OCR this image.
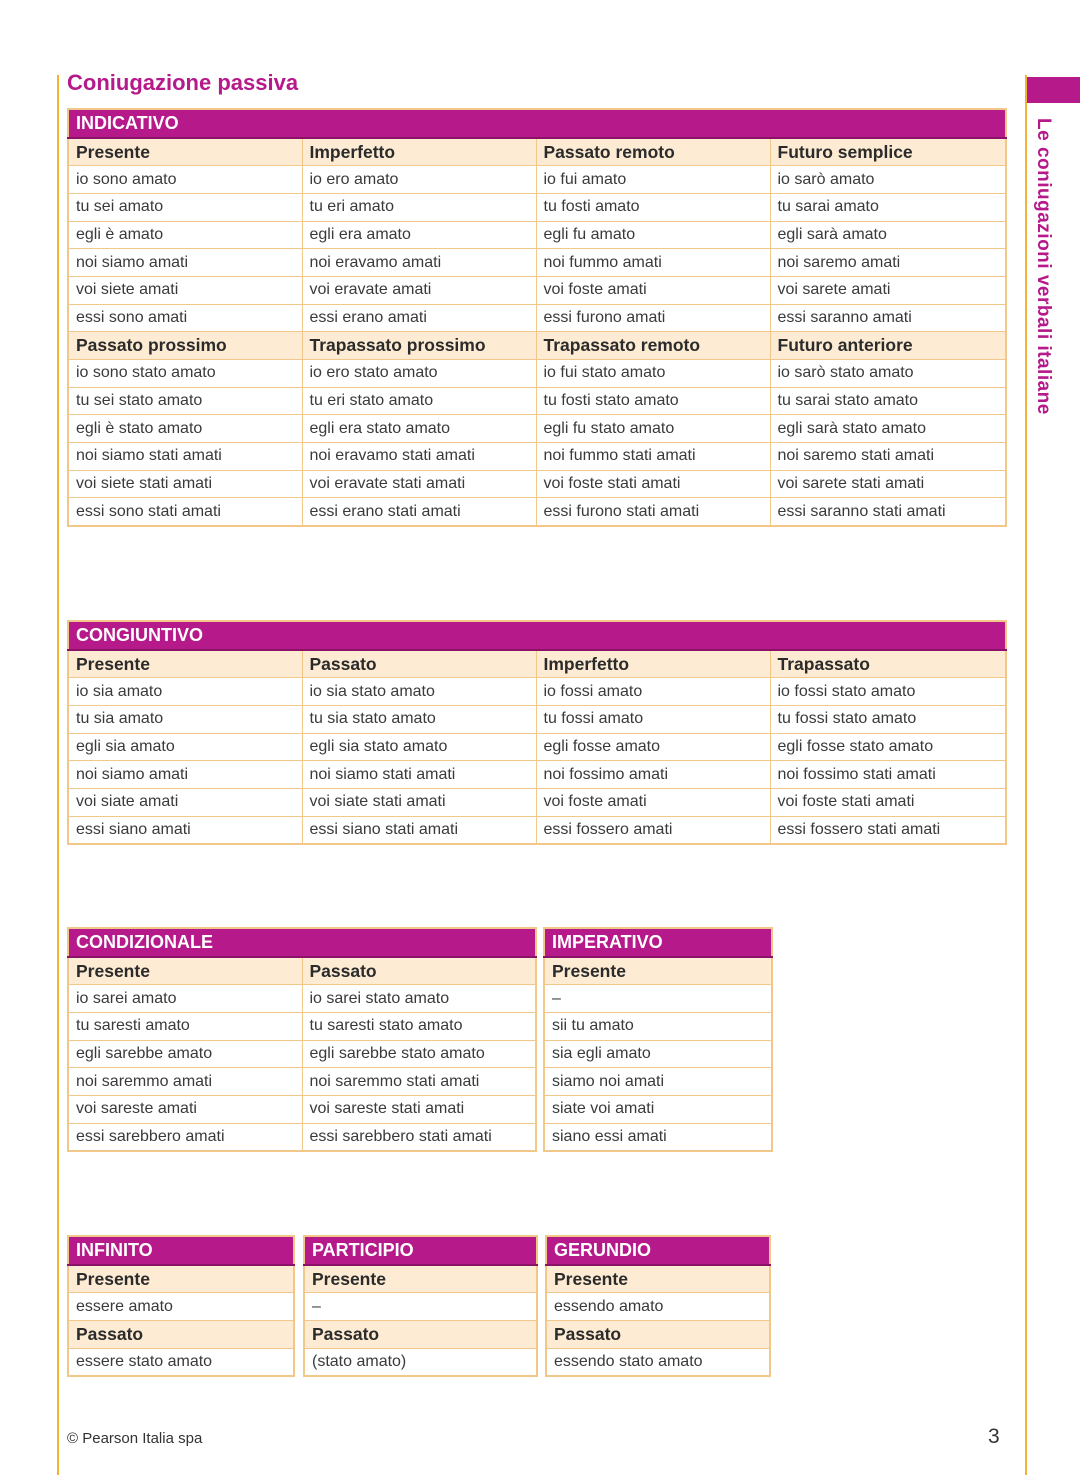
Le coniugazioni verbali italiane
Coniugazione passiva
INDICATIVO			
Presente	Imperfetto	Passato remoto	Futuro semplice
io sono amato	io ero amato	io fui amato	io sarò amato
tu sei amato	tu eri amato	tu fosti amato	tu sarai amato
egli è amato	egli era amato	egli fu amato	egli sarà amato
noi siamo amati	noi eravamo amati	noi fummo amati	noi saremo amati
voi siete amati	voi eravate amati	voi foste amati	voi sarete amati
essi sono amati	essi erano amati	essi furono amati	essi saranno amati
Passato prossimo	Trapassato prossimo	Trapassato remoto	Futuro anteriore
io sono stato amato	io ero stato amato	io fui stato amato	io sarò stato amato
tu sei stato amato	tu eri stato amato	tu fosti stato amato	tu sarai stato amato
egli è stato amato	egli era stato amato	egli fu stato amato	egli sarà stato amato
noi siamo stati amati	noi eravamo stati amati	noi fummo stati amati	noi saremo stati amati
voi siete stati amati	voi eravate stati amati	voi foste stati amati	voi sarete stati amati
essi sono stati amati	essi erano stati amati	essi furono stati amati	essi saranno stati amati
CONGIUNTIVO			
Presente	Passato	Imperfetto	Trapassato
io sia amato	io sia stato amato	io fossi amato	io fossi stato amato
tu sia amato	tu sia stato amato	tu fossi amato	tu fossi stato amato
egli sia amato	egli sia stato amato	egli fosse amato	egli fosse stato amato
noi siamo amati	noi siamo stati amati	noi fossimo amati	noi fossimo stati amati
voi siate amati	voi siate stati amati	voi foste amati	voi foste stati amati
essi siano amati	essi siano stati amati	essi fossero amati	essi fossero stati amati
CONDIZIONALE	
Presente	Passato
io sarei amato	io sarei stato amato
tu saresti amato	tu saresti stato amato
egli sarebbe amato	egli sarebbe stato amato
noi saremmo amati	noi saremmo stati amati
voi sareste amati	voi sareste stati amati
essi sarebbero amati	essi sarebbero stati amati
IMPERATIVO
Presente
–
sii tu amato
sia egli amato
siamo noi amati
siate voi amati
siano essi amati
INFINITO
Presente
essere amato
Passato
essere stato amato
PARTICIPIO
Presente
–
Passato
(stato amato)
GERUNDIO
Presente
essendo amato
Passato
essendo stato amato
© Pearson Italia spa	3
